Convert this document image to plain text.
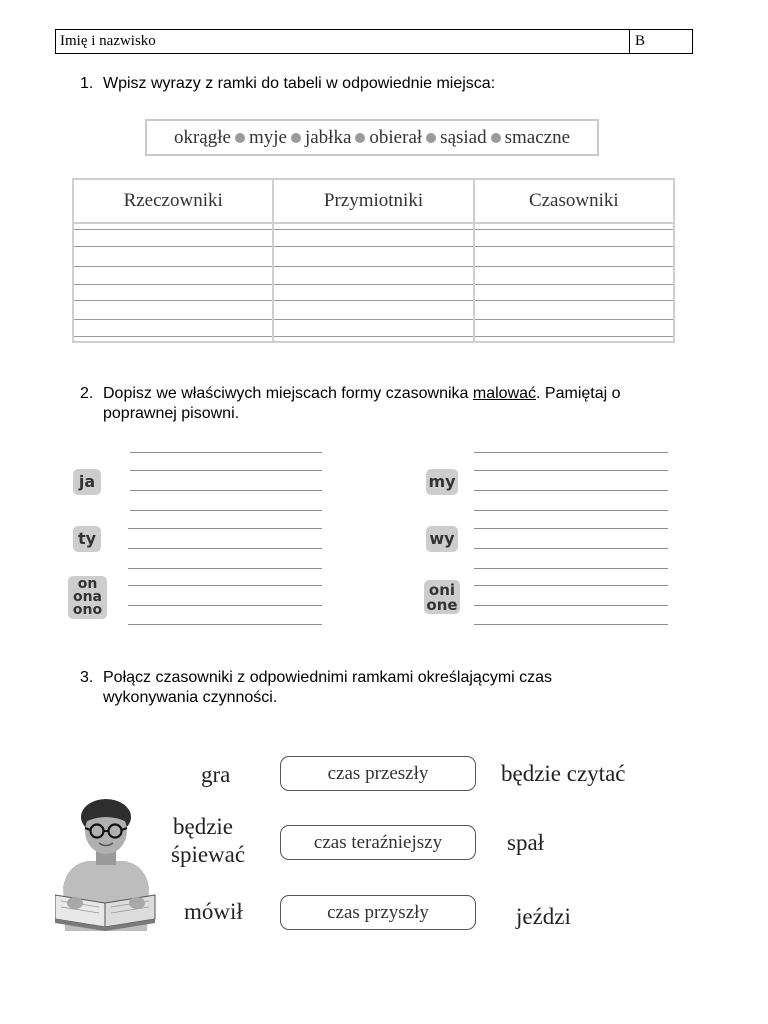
Imię i nazwisko	B
1. Wpisz wyrazy z ramki do tabeli w odpowiednie miejsca:
okrągłe myje jabłka obierał sąsiad smaczne
Rzeczowniki	Przymiotniki	Czasowniki
2. Dopisz we właściwych miejscach formy czasownika malować. Pamiętaj o
poprawnej pisowni.
ja
ty
on
ona
ono
my
wy
oni
one
3. Połącz czasowniki z odpowiednimi ramkami określającymi czas
wykonywania czynności.
gra
będzie
śpiewać
mówił
czas przeszły
czas teraźniejszy
czas przyszły
będzie czytać
spał
jeździ
